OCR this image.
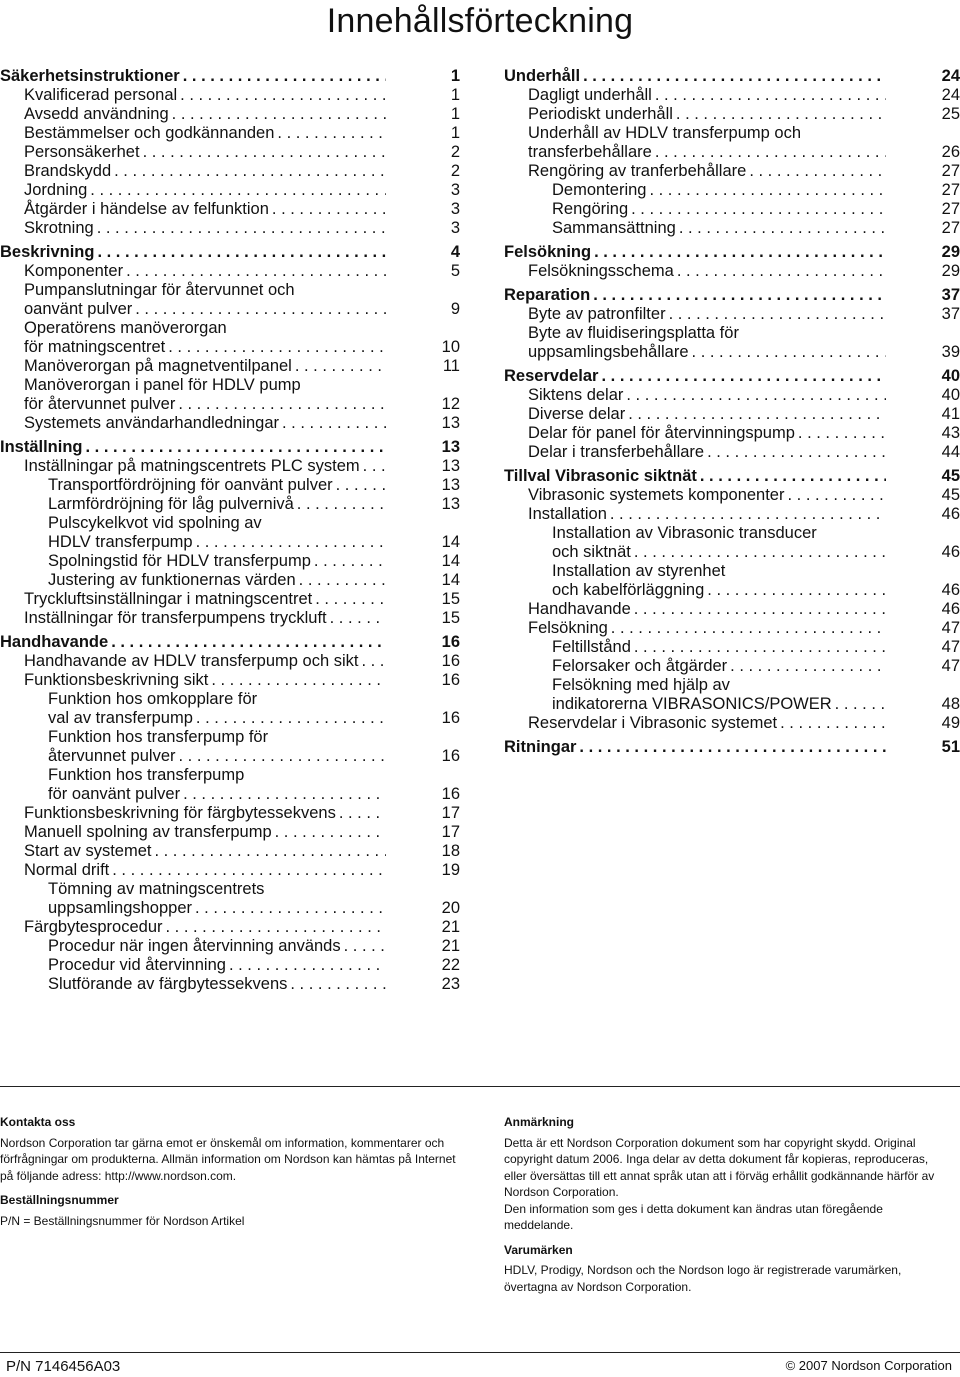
Innehållsförteckning
Säkerhetsinstruktioner . . .	1
Kvalificerad personal . . .	1
Avsedd användning . . .	1
Bestämmelser och godkännanden . . .	1
Personsäkerhet . . .	2
Brandskydd . . .	2
Jordning . . .	3
Åtgärder i händelse av felfunktion . . .	3
Skrotning . . .	3
Beskrivning . . .	4
Komponenter . . .	5
Pumpanslutningar för återvunnet och
oanvänt pulver . . .	9
Operatörens manöverorgan
för matningscentret . . .	10
Manöverorgan på magnetventilpanel . . .	11
Manöverorgan i panel för HDLV pump
för återvunnet pulver . . .	12
Systemets användarhandledningar . . .	13
Inställning . . .	13
Inställningar på matningscentrets PLC system . . .	13
Transportfördröjning för oanvänt pulver . . .	13
Larmfördröjning för låg pulvernivå . . .	13
Pulscykelkvot vid spolning av
HDLV transferpump . . .	14
Spolningstid för HDLV transferpump . . .	14
Justering av funktionernas värden . . .	14
Tryckluftsinställningar i matningscentret . . .	15
Inställningar för transferpumpens tryckluft . . .	15
Handhavande . . .	16
Handhavande av HDLV transferpump och sikt . . .	16
Funktionsbeskrivning sikt . . .	16
Funktion hos omkopplare för
val av transferpump . . .	16
Funktion hos transferpump för
återvunnet pulver . . .	16
Funktion hos transferpump
för oanvänt pulver . . .	16
Funktionsbeskrivning för färgbytessekvens . . .	17
Manuell spolning av transferpump . . .	17
Start av systemet . . .	18
Normal drift . . .	19
Tömning av matningscentrets
uppsamlingshopper . . .	20
Färgbytesprocedur . . .	21
Procedur när ingen återvinning används . . .	21
Procedur vid återvinning . . .	22
Slutförande av färgbytessekvens . . .	23
Underhåll . . .	24
Dagligt underhåll . . .	24
Periodiskt underhåll . . .	25
Underhåll av HDLV transferpump och
transferbehållare . . .	26
Rengöring av tranferbehållare . . .	27
Demontering . . .	27
Rengöring . . .	27
Sammansättning . . .	27
Felsökning . . .	29
Felsökningsschema . . .	29
Reparation . . .	37
Byte av patronfilter . . .	37
Byte av fluidiseringsplatta för
uppsamlingsbehållare . . .	39
Reservdelar . . .	40
Siktens delar . . .	40
Diverse delar . . .	41
Delar för panel för återvinningspump . . .	43
Delar i transferbehållare . . .	44
Tillval Vibrasonic siktnät . . .	45
Vibrasonic systemets komponenter . . .	45
Installation . . .	46
Installation av Vibrasonic transducer
och siktnät . . .	46
Installation av styrenhet
och kabelförläggning . . .	46
Handhavande . . .	46
Felsökning . . .	47
Feltillstånd . . .	47
Felorsaker och åtgärder . . .	47
Felsökning med hjälp av
indikatorerna VIBRASONICS/POWER . . .	48
Reservdelar i Vibrasonic systemet . . .	49
Ritningar . . .	51
Kontakta oss

Nordson Corporation tar gärna emot er önskemål om information, kommentarer och förfrågningar om produkterna. Allmän information om Nordson kan hämtas på Internet på följande adress: http://www.nordson.com.

Beställningsnummer

P/N = Beställningsnummer för Nordson Artikel

Anmärkning

Detta är ett Nordson Corporation dokument som har copyright skydd. Original copyright datum 2006. Inga delar av detta dokument får kopieras, reproduceras, eller översättas till ett annat språk utan att i förväg erhållit godkännande härför av Nordson Corporation.

Den information som ges i detta dokument kan ändras utan föregående meddelande.

Varumärken

HDLV, Prodigy, Nordson och the Nordson logo är registrerade varumärken, övertagna av Nordson Corporation.

P/N 7146456A03	© 2007 Nordson Corporation
